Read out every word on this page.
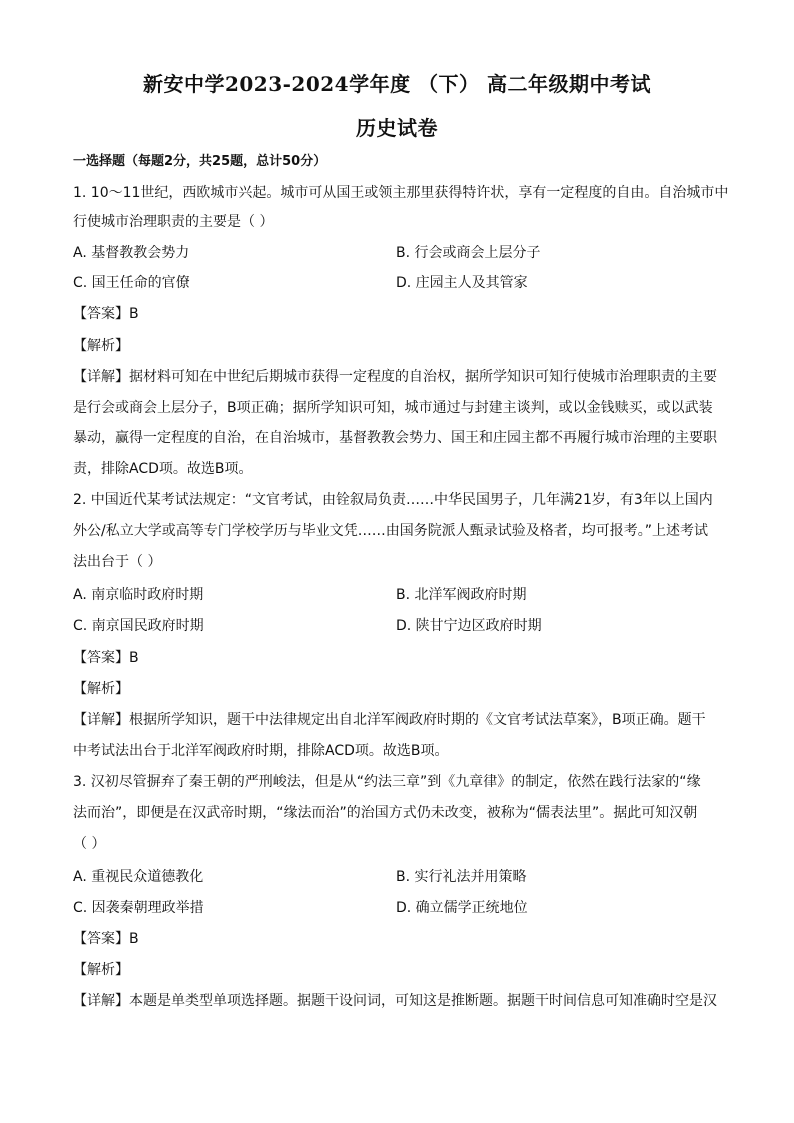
新安中学2023-2024学年度 （下） 高二年级期中考试
历史试卷
一选择题（每题2分，共25题，总计50分）
1. 10～11世纪，西欧城市兴起。城市可从国王或领主那里获得特许状，享有一定程度的自由。自治城市中
行使城市治理职责的主要是（ ）
A. 基督教教会势力	B. 行会或商会上层分子
C. 国王任命的官僚	D. 庄园主人及其管家
【答案】B
【解析】
【详解】据材料可知在中世纪后期城市获得一定程度的自治权，据所学知识可知行使城市治理职责的主要
是行会或商会上层分子，B项正确；据所学知识可知，城市通过与封建主谈判，或以金钱赎买，或以武装
暴动，赢得一定程度的自治，在自治城市，基督教教会势力、国王和庄园主都不再履行城市治理的主要职
责，排除ACD项。故选B项。
2. 中国近代某考试法规定：“文官考试，由铨叙局负责……中华民国男子，几年满21岁，有3年以上国内
外公/私立大学或高等专门学校学历与毕业文凭……由国务院派人甄录试验及格者，均可报考。”上述考试
法出台于（ ）
A. 南京临时政府时期	B. 北洋军阀政府时期
C. 南京国民政府时期	D. 陕甘宁边区政府时期
【答案】B
【解析】
【详解】根据所学知识，题干中法律规定出自北洋军阀政府时期的《文官考试法草案》，B项正确。题干
中考试法出台于北洋军阀政府时期，排除ACD项。故选B项。
3. 汉初尽管摒弃了秦王朝的严刑峻法，但是从“约法三章”到《九章律》的制定，依然在践行法家的“缘
法而治”，即便是在汉武帝时期，“缘法而治”的治国方式仍未改变，被称为“儒表法里”。据此可知汉朝
（ ）
A. 重视民众道德教化	B. 实行礼法并用策略
C. 因袭秦朝理政举措	D. 确立儒学正统地位
【答案】B
【解析】
【详解】本题是单类型单项选择题。据题干设问词，可知这是推断题。据题干时间信息可知准确时空是汉
